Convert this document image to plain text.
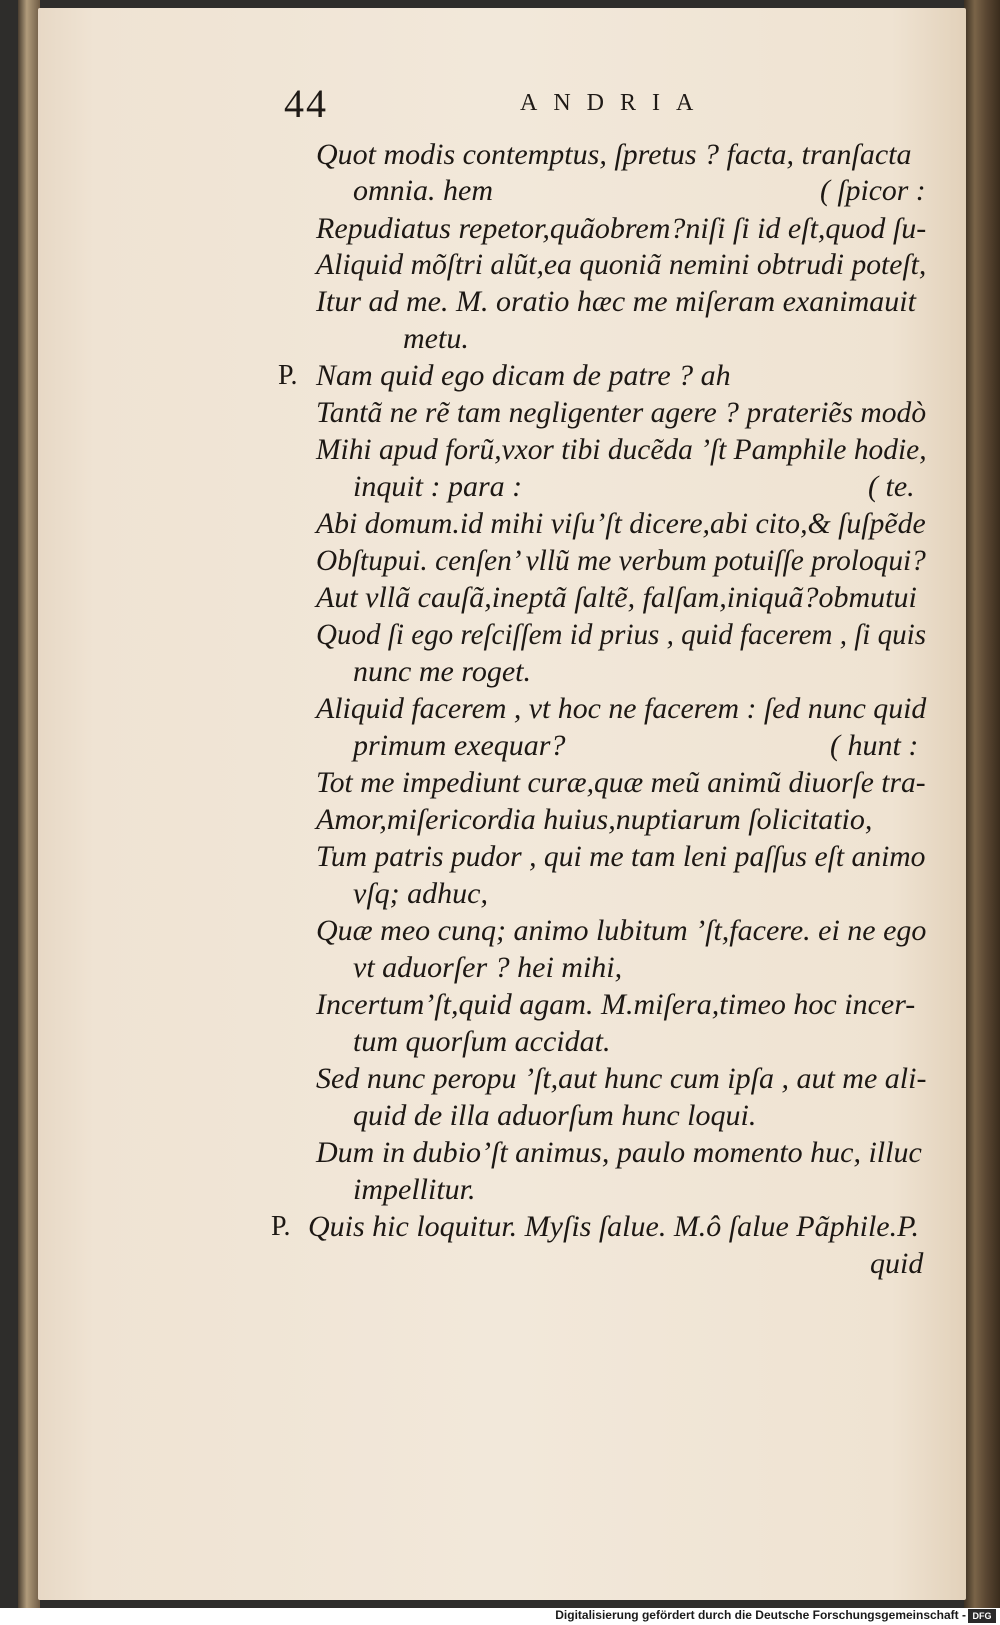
44	ANDRIA
Quot modis contemptus, ſpretus ? facta, tranſacta
omnia. hem	( ſpicor :
Repudiatus repetor,quãobrem?niſi ſi id eſt,quod ſu-
Aliquid mõſtri alũt,ea quoniã nemini obtrudi poteſt,
Itur ad me. M. oratio hæc me miſeram exanimauit
metu.
P. Nam quid ego dicam de patre ? ah
Tantã ne rẽ tam negligenter agere ? prateriẽs modò
Mihi apud forũ,vxor tibi ducẽda ’ſt Pamphile hodie,
inquit : para :	( te.
Abi domum.id mihi viſu’ſt dicere,abi cito,& ſuſpẽde
Obſtupui. cenſen’ vllũ me verbum potuiſſe proloqui?
Aut vllã cauſã,ineptã ſaltẽ, falſam,iniquã?obmutui
Quod ſi ego reſciſſem id prius , quid facerem , ſi quis
nunc me roget.
Aliquid facerem , vt hoc ne facerem : ſed nunc quid
primum exequar?	( hunt :
Tot me impediunt curæ,quæ meũ animũ diuorſe tra-
Amor,miſericordia huius,nuptiarum ſolicitatio,
Tum patris pudor , qui me tam leni paſſus eſt animo
vſq; adhuc,
Quæ meo cunq; animo lubitum ’ſt,facere. ei ne ego
vt aduorſer ? hei mihi,
Incertum’ſt,quid agam. M.miſera,timeo hoc incer-
tum quorſum accidat.
Sed nunc peropu ’ſt,aut hunc cum ipſa , aut me ali-
quid de illa aduorſum hunc loqui.
Dum in dubio’ſt animus, paulo momento huc, illuc
impellitur.
P. Quis hic loquitur. Myſis ſalue. M.ô ſalue Pãphile.P.
quid
Digitalisierung gefördert durch die Deutsche Forschungsgemeinschaft - DFG
